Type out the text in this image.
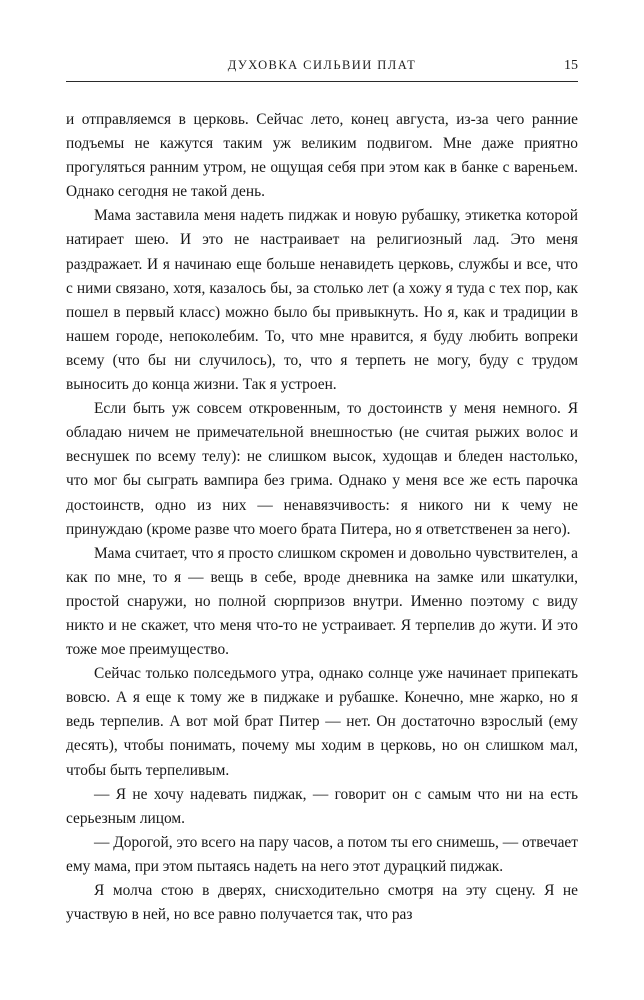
ДУХОВКА СИЛЬВИИ ПЛАТ	15

и отправляемся в церковь. Сейчас лето, конец августа, из-за чего ранние подъемы не кажутся таким уж великим подвигом. Мне даже приятно прогуляться ранним утром, не ощущая себя при этом как в банке с вареньем. Однако сегодня не такой день.

Мама заставила меня надеть пиджак и новую рубашку, этикетка которой натирает шею. И это не настраивает на религиозный лад. Это меня раздражает. И я начинаю еще больше ненавидеть церковь, службы и все, что с ними связано, хотя, казалось бы, за столько лет (а хожу я туда с тех пор, как пошел в первый класс) можно было бы привыкнуть. Но я, как и традиции в нашем городе, непоколебим. То, что мне нравится, я буду любить вопреки всему (что бы ни случилось), то, что я терпеть не могу, буду с трудом выносить до конца жизни. Так я устроен.

Если быть уж совсем откровенным, то достоинств у меня немного. Я обладаю ничем не примечательной внешностью (не считая рыжих волос и веснушек по всему телу): не слишком высок, худощав и бледен настолько, что мог бы сыграть вампира без грима. Однако у меня все же есть парочка достоинств, одно из них — ненавязчивость: я никого ни к чему не принуждаю (кроме разве что моего брата Питера, но я ответственен за него).

Мама считает, что я просто слишком скромен и довольно чувствителен, а как по мне, то я — вещь в себе, вроде дневника на замке или шкатулки, простой снаружи, но полной сюрпризов внутри. Именно поэтому с виду никто и не скажет, что меня что-то не устраивает. Я терпелив до жути. И это тоже мое преимущество.

Сейчас только полседьмого утра, однако солнце уже начинает припекать вовсю. А я еще к тому же в пиджаке и рубашке. Конечно, мне жарко, но я ведь терпелив. А вот мой брат Питер — нет. Он достаточно взрослый (ему десять), чтобы понимать, почему мы ходим в церковь, но он слишком мал, чтобы быть терпеливым.

— Я не хочу надевать пиджак, — говорит он с самым что ни на есть серьезным лицом.

— Дорогой, это всего на пару часов, а потом ты его снимешь, — отвечает ему мама, при этом пытаясь надеть на него этот дурацкий пиджак.

Я молча стою в дверях, снисходительно смотря на эту сцену. Я не участвую в ней, но все равно получается так, что раз
